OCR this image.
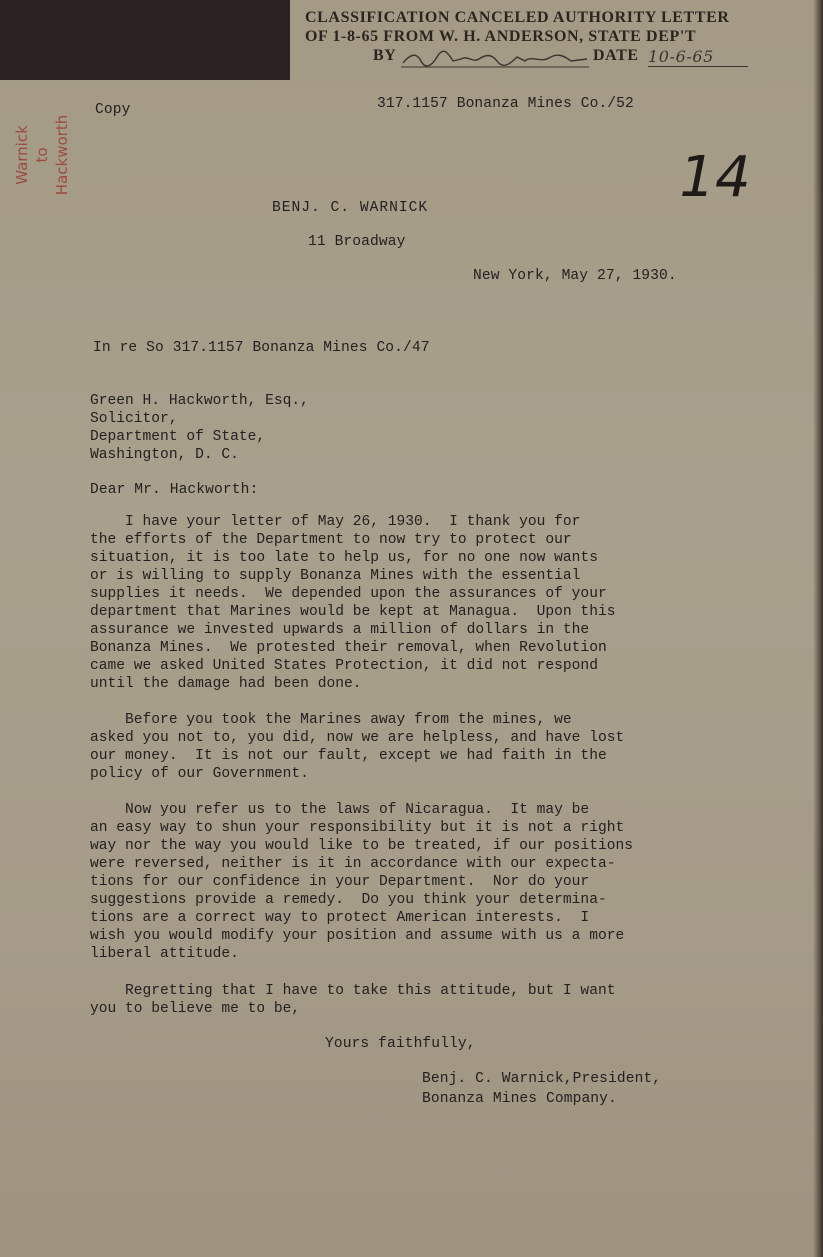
CLASSIFICATION CANCELED AUTHORITY LETTER
OF 1-8-65 FROM W. H. ANDERSON, STATE DEP'T
BY	DATE 10-6-65
Warnick to Hackworth
Copy	317.1157 Bonanza Mines Co./52
14
BENJ. C. WARNICK
11 Broadway
New York, May 27, 1930.
In re So 317.1157 Bonanza Mines Co./47
Green H. Hackworth, Esq.,
Solicitor,
Department of State,
Washington, D. C.
Dear Mr. Hackworth:
I have your letter of May 26, 1930.  I thank you for
the efforts of the Department to now try to protect our
situation, it is too late to help us, for no one now wants
or is willing to supply Bonanza Mines with the essential
supplies it needs.  We depended upon the assurances of your
department that Marines would be kept at Managua.  Upon this
assurance we invested upwards a million of dollars in the
Bonanza Mines.  We protested their removal, when Revolution
came we asked United States Protection, it did not respond
until the damage had been done.
Before you took the Marines away from the mines, we
asked you not to, you did, now we are helpless, and have lost
our money.  It is not our fault, except we had faith in the
policy of our Government.
Now you refer us to the laws of Nicaragua.  It may be
an easy way to shun your responsibility but it is not a right
way nor the way you would like to be treated, if our positions
were reversed, neither is it in accordance with our expecta-
tions for our confidence in your Department.  Nor do your
suggestions provide a remedy.  Do you think your determina-
tions are a correct way to protect American interests.  I
wish you would modify your position and assume with us a more
liberal attitude.
Regretting that I have to take this attitude, but I want
you to believe me to be,
Yours faithfully,
Benj. C. Warnick,President,
Bonanza Mines Company.
